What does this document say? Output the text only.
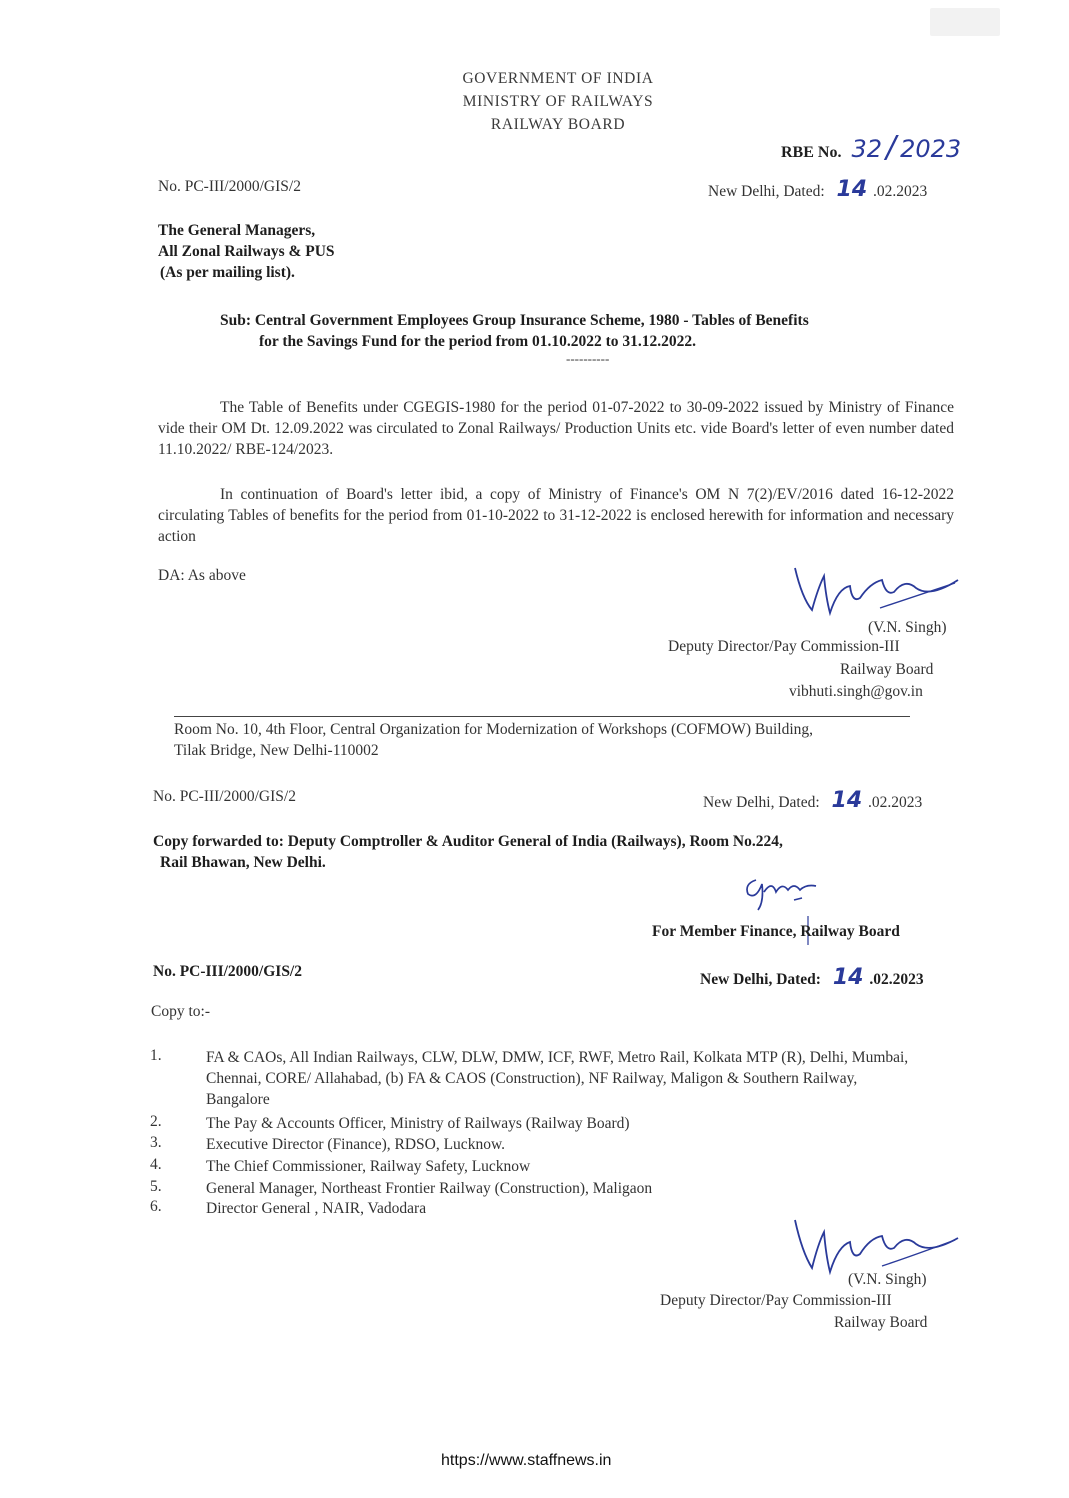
GOVERNMENT OF INDIA
MINISTRY OF RAILWAYS
RAILWAY BOARD
RBE No. 32 / 2023
No. PC-III/2000/GIS/2	New Delhi, Dated: 14 .02.2023
The General Managers,
All Zonal Railways & PUS
(As per mailing list).
Sub: Central Government Employees Group Insurance Scheme, 1980 - Tables of Benefits
for the Savings Fund for the period from 01.10.2022 to 31.12.2022.
----------
The Table of Benefits under CGEGIS-1980 for the period 01-07-2022 to 30-09-2022 issued by Ministry of Finance vide their OM Dt. 12.09.2022 was circulated to Zonal Railways/ Production Units etc. vide Board's letter of even number dated 11.10.2022/ RBE-124/2023.
In continuation of Board's letter ibid, a copy of Ministry of Finance's OM N 7(2)/EV/2016 dated 16-12-2022 circulating Tables of benefits for the period from 01-10-2022 to 31-12-2022 is enclosed herewith for information and necessary action
DA: As above
(V.N. Singh)
Deputy Director/Pay Commission-III
Railway Board
vibhuti.singh@gov.in
Room No. 10, 4th Floor, Central Organization for Modernization of Workshops (COFMOW) Building,
Tilak Bridge, New Delhi-110002
No. PC-III/2000/GIS/2	New Delhi, Dated: 14 .02.2023
Copy forwarded to: Deputy Comptroller & Auditor General of India (Railways), Room No.224,
Rail Bhawan, New Delhi.
For Member Finance, Railway Board
No. PC-III/2000/GIS/2	New Delhi, Dated: 14 .02.2023
Copy to:-
1.	FA & CAOs, All Indian Railways, CLW, DLW, DMW, ICF, RWF, Metro Rail, Kolkata MTP (R), Delhi, Mumbai, Chennai, CORE/ Allahabad, (b) FA & CAOS (Construction), NF Railway, Maligon & Southern Railway, Bangalore
2.	The Pay & Accounts Officer, Ministry of Railways (Railway Board)
3.	Executive Director (Finance), RDSO, Lucknow.
4.	The Chief Commissioner, Railway Safety, Lucknow
5.	General Manager, Northeast Frontier Railway (Construction), Maligaon
6.	Director General , NAIR, Vadodara
(V.N. Singh)
Deputy Director/Pay Commission-III
Railway Board
https://www.staffnews.in
